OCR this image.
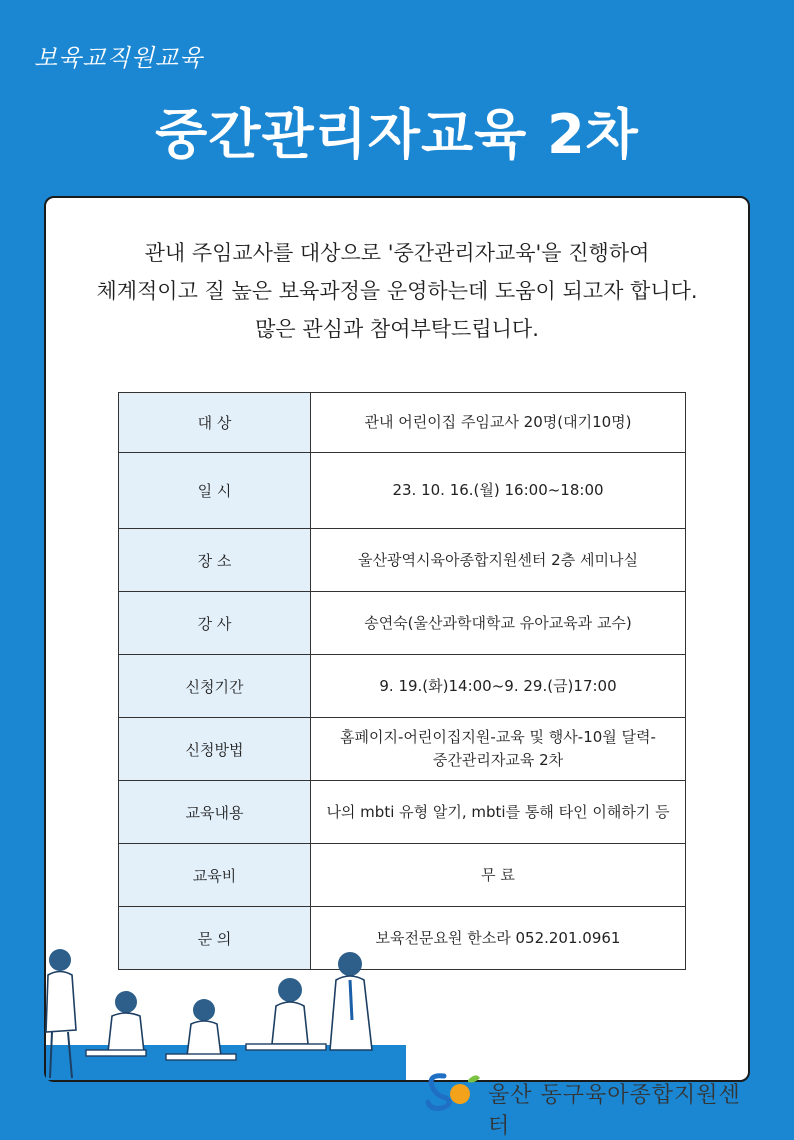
보육교직원교육
중간관리자교육 2차
관내 주임교사를 대상으로 '중간관리자교육'을 진행하여
체계적이고 질 높은 보육과정을 운영하는데 도움이 되고자 합니다.
많은 관심과 참여부탁드립니다.
대 상	관내 어린이집 주임교사 20명(대기10명)
일 시	23. 10. 16.(월) 16:00~18:00
장 소	울산광역시육아종합지원센터 2층 세미나실
강 사	송연숙(울산과학대학교 유아교육과 교수)
신청기간	9. 19.(화)14:00~9. 29.(금)17:00
신청방법	홈페이지-어린이집지원-교육 및 행사-10월 달력-
중간관리자교육 2차

교육내용	나의 mbti 유형 알기, mbti를 통해 타인 이해하기 등
교육비	무 료
문 의	보육전문요원 한소라 052.201.0961
울산 동구육아종합지원센터
